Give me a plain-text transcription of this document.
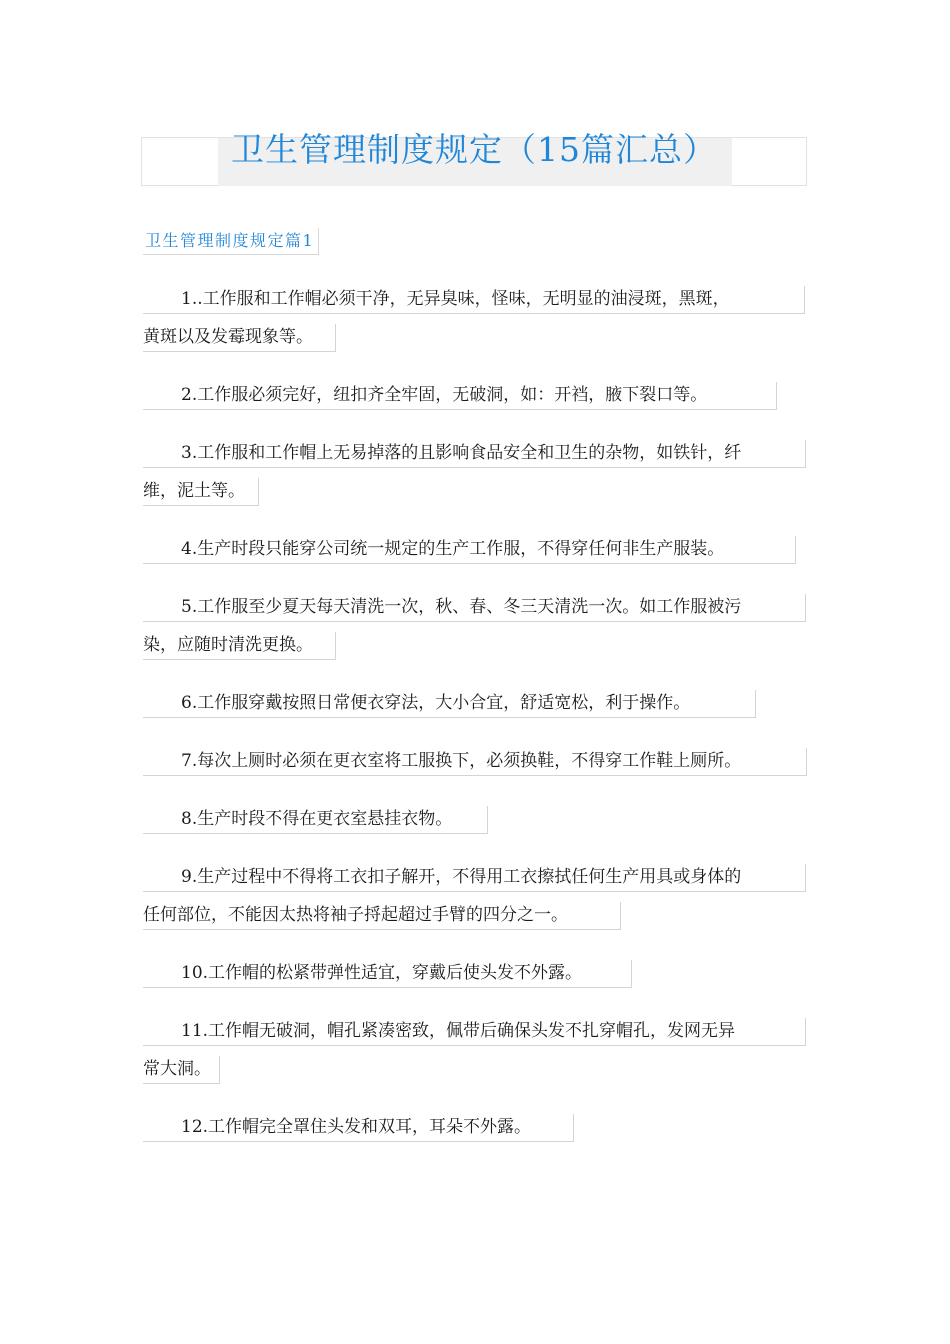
卫生管理制度规定（15篇汇总）
卫生管理制度规定篇1
1..工作服和工作帽必须干净，无异臭味，怪味，无明显的油浸斑，黑斑，
黄斑以及发霉现象等。
2.工作服必须完好，纽扣齐全牢固，无破洞，如：开裆，腋下裂口等。
3.工作服和工作帽上无易掉落的且影响食品安全和卫生的杂物，如铁针，纤
维，泥土等。
4.生产时段只能穿公司统一规定的生产工作服，不得穿任何非生产服装。
5.工作服至少夏天每天清洗一次，秋、春、冬三天清洗一次。如工作服被污
染，应随时清洗更换。
6.工作服穿戴按照日常便衣穿法，大小合宜，舒适宽松，利于操作。
7.每次上厕时必须在更衣室将工服换下，必须换鞋，不得穿工作鞋上厕所。
8.生产时段不得在更衣室悬挂衣物。
9.生产过程中不得将工衣扣子解开，不得用工衣擦拭任何生产用具或身体的
任何部位，不能因太热将袖子捋起超过手臂的四分之一。
10.工作帽的松紧带弹性适宜，穿戴后使头发不外露。
11.工作帽无破洞，帽孔紧凑密致，佩带后确保头发不扎穿帽孔，发网无异
常大洞。
12.工作帽完全罩住头发和双耳，耳朵不外露。
